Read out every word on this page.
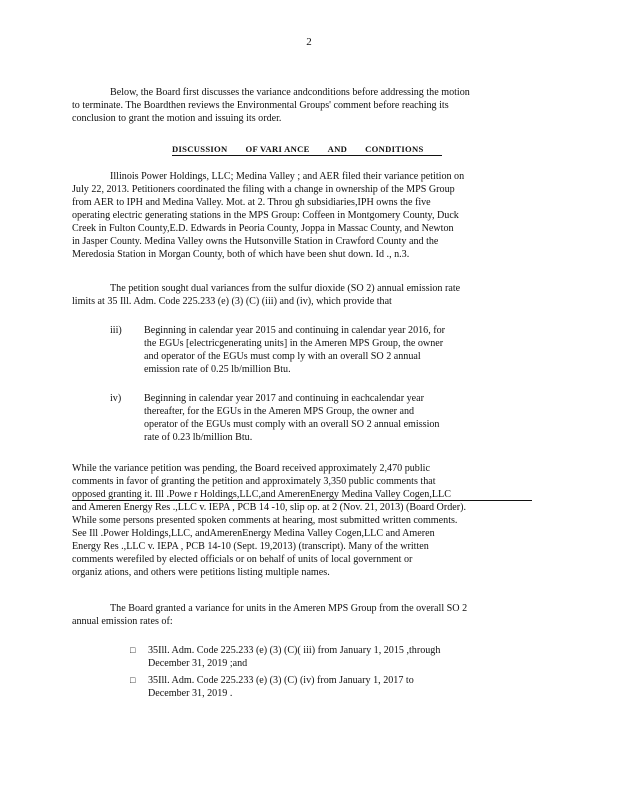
2
Below, the Board first discusses the variance andconditions before addressing the motion
to terminate. The Boardthen reviews the Environmental Groups' comment before reaching its
conclusion to grant the motion and issuing its order.
DISCUSSION OF VARI ANCE AND CONDITIONS
Illinois Power Holdings, LLC; Medina Valley ; and AER filed their variance petition on
July 22, 2013. Petitioners coordinated the filing with a change in ownership of the MPS Group
from AER to IPH and Medina Valley. Mot. at 2. Throu gh subsidiaries,IPH owns the five
operating electric generating stations in the MPS Group: Coffeen in Montgomery County, Duck
Creek in Fulton County,E.D. Edwards in Peoria County, Joppa in Massac County, and Newton
in Jasper County. Medina Valley owns the Hutsonville Station in Crawford County and the
Meredosia Station in Morgan County, both of which have been shut down. Id ., n.3.
The petition sought dual variances from the sulfur dioxide (SO 2) annual emission rate
limits at 35 Ill. Adm. Code 225.233 (e) (3) (C) (iii) and (iv), which provide that
iii) Beginning in calendar year 2015 and continuing in calendar year 2016, for
the EGUs [electricgenerating units] in the Ameren MPS Group, the owner
and operator of the EGUs must comp ly with an overall SO 2 annual
emission rate of 0.25 lb/million Btu.
iv) Beginning in calendar year 2017 and continuing in eachcalendar year
thereafter, for the EGUs in the Ameren MPS Group, the owner and
operator of the EGUs must comply with an overall SO 2 annual emission
rate of 0.23 lb/million Btu.
While the variance petition was pending, the Board received approximately 2,470 public
comments in favor of granting the petition and approximately 3,350 public comments that
opposed granting it. Ill .Powe r Holdings,LLC,and AmerenEnergy Medina Valley Cogen,LLC
and Ameren Energy Res .,LLC v. IEPA , PCB 14 -10, slip op. at 2 (Nov. 21, 2013) (Board Order).
While some persons presented spoken comments at hearing, most submitted written comments.
See Ill .Power Holdings,LLC, andAmerenEnergy Medina Valley Cogen,LLC and Ameren
Energy Res .,LLC v. IEPA , PCB 14-10 (Sept. 19,2013) (transcript). Many of the written
comments werefiled by elected officials or on behalf of units of local government or
organiz ations, and others were petitions listing multiple names.
The Board granted a variance for units in the Ameren MPS Group from the overall SO 2
annual emission rates of:
□ 35Ill. Adm. Code 225.233 (e) (3) (C)( iii) from January 1, 2015 ,through
December 31, 2019 ;and
□ 35Ill. Adm. Code 225.233 (e) (3) (C) (iv) from January 1, 2017 to
December 31, 2019 .
